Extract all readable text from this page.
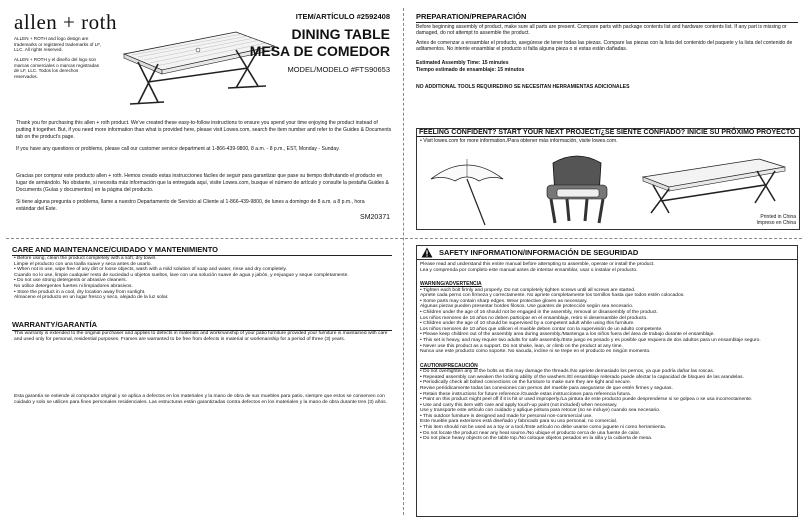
allen + roth
ALLEN + ROTH and logo design are trademarks or registered trademarks of LF, LLC. All rights reserved.
ALLEN + ROTH y el diseño del logo son marcas comerciales o marcas registradas de LF, LLC. Todos los derechos reservados.
ITEM/ARTÍCULO #2592408
DINING TABLE
MESA DE COMEDOR
MODEL/MODELO #FTS90653
Thank you for purchasing this allen + roth product. We've created these easy-to-follow instructions to ensure you spend your time enjoying the product instead of putting it together. But, if you need more information than what is provided here, please visit Lowes.com, search the item number and refer to the Guides & Documents tab on the product's page.
If you have any questions or problems, please call our customer service department at 1-866-439-9800, 8 a.m. - 8 p.m., EST, Monday - Sunday.
Gracias por comprar este producto allen + roth. Hemos creado estas instrucciones fáciles de seguir para garantizar que pase su tiempo disfrutando el producto en lugar de armándolo. No obstante, si necesita más información que la entregada aquí, visite Lowes.com, busque el número de artículo y consulte la pestaña Guides & Documents (Guías y documentos) en la página del producto.
Si tiene alguna pregunta o problema, llame a nuestro Departamento de Servicio al Cliente al 1-866-439-9800, de lunes a domingo de 8 a.m. a 8 p.m., hora estándar del Este.
SM20371
PREPARATION/PREPARACIÓN
Before beginning assembly of product, make sure all parts are present. Compare parts with package contents list and hardware contents list. If any part is missing or damaged, do not attempt to assemble the product.
Antes de comenzar a ensamblar el producto, asegúrese de tener todas las piezas. Compare las piezas con la lista del contenido del paquete y la lista del contenido de aditamentos. No intente ensamblar el producto si falta alguna pieza o si estas están dañadas.
Estimated Assembly Time: 15 minutes
Tiempo estimado de ensamblaje: 15 minutos
NO ADDITIONAL TOOLS REQUIREDINO SE NECESITAN HERRAMIENTAS ADICIONALES
FEELING CONFIDENT? START YOUR NEXT PROJECT/¿SE SIENTE CONFIADO? INICIE SU PRÓXIMO PROYECTO
• Visit lowes.com for more information./Para obtener más información, visite lowes.com.
Printed in China
Impreso en China
CARE AND MAINTENANCE/CUIDADO Y MANTENIMIENTO
• Before using, clean the product completely with a soft, dry towel.
Limpie el producto con una toalla suave y seca antes de usarlo.
• When not in use, wipe free of any dirt or loose objects, wash with a mild solution of soap and water, rinse and dry completely.
Cuando no lo use, limpie cualquier resto de suciedad u objetos sueltos, lave con una solución suave de agua y jabón, y enjuague y seque completamente.
• Do not use strong detergents or abrasive cleaners.
No utilice detergentes fuertes ni limpiadores abrasivos.
• Store the product in a cool, dry location away from sunlight.
Almacene el producto en un lugar fresco y seco, alejado de la luz solar.
WARRANTY/GARANTÍA
This warranty is extended to the original purchaser and applies to defects in materials and workmanship of your patio furniture provided your furniture is maintained with care and used only for personal, residential purposes. Frames are warranted to be free from defects in material or workmanship for a period of three (3) years.
Esta garantía se extiende al comprador original y se aplica a defectos en los materiales y la mano de obra de sus muebles para patio, siempre que estos se conserven con cuidado y solo se utilicen para fines personales residenciales. Las estructuras están garantizadas contra defectos en los materiales y la mano de obra durante tres (3) años.
SAFETY INFORMATION/INFORMACIÓN DE SEGURIDAD
Please read and understand this entire manual before attempting to assemble, operate or install the product.
Lea y comprenda por completo este manual antes de intentar ensamblar, usar o instalar el producto.
WARNING/ADVERTENCIA
• Tighten each bolt firmly and properly. Do not completely tighten screws until all screws are started.
Apriete cada perno con firmeza y correctamente. No apriete completamente los tornillos hasta que todos estén colocados.
• Some parts may contain sharp edges. Wear protective gloves as necessary.
Algunas piezas pueden presentar bordes filosos. Use guantes de protección según sea necesario.
• Children under the age of 16 should not be engaged in the assembly, removal or disassembly of the product.
Los niños menores de 16 años no deben participar en el ensamblaje, retiro ni desensamble del producto.
• Children under the age of 10 should be supervised by a competent adult while using this furniture.
Los niños menores de 10 años que utilicen el mueble deben contar con la supervisión de un adulto competente.
• Please keep children out of the assembly area during assembly./Mantenga a los niños fuera del área de trabajo durante el ensamblaje.
• This set is heavy, and may require two adults for safe assembly./Este juego es pesado y es posible que requiera de dos adultos para un ensamblaje seguro.
• Never use this product as a support. Do not shake, lean, or climb on the product at any time.
Nunca use este producto como soporte. No sacuda, incline ni se trepe en el producto en ningún momento.
CAUTION/PRECAUCIÓN
• Do not overtighten any of the bolts as this may damage the threads./No apriete demasiado los pernos, ya que podría dañar las roscas.
• Repeated assembly can weaken the locking ability of the washers./El ensamblaje reiterado puede afectar la capacidad de bloqueo de las arandelas.
• Periodically check all bolted connections on the furniture to make sure they are tight and secure.
Revise periódicamente todas las conexiones con pernos del mueble para asegurarse de que estén firmes y seguras.
• Retain these instructions for future reference./Guarde estas instrucciones para referencia futura.
• Paint on this product might peel off if it is hit or used improperly./La pintura de este producto puede desprenderse si se golpea o se usa incorrectamente.
• Use and carry this item with care and apply touch-up paint (not included) when necessary.
Use y transporte este artículo con cuidado y aplique pintura para retocar (no se incluye) cuando sea necesario.
• This outdoor furniture is designed and made for personal non-commercial use.
Este mueble para exteriores está diseñado y fabricado para su uso personal, no comercial.
• This item should not be used as a toy or a tool./Este artículo no debe usarse como juguete ni como herramienta.
• Do not locate the product near any heat source./No ubique el producto cerca de una fuente de calor.
• Do not place heavy objects on the table top./No coloque objetos pesados en la silla y la cubierta de mesa.
